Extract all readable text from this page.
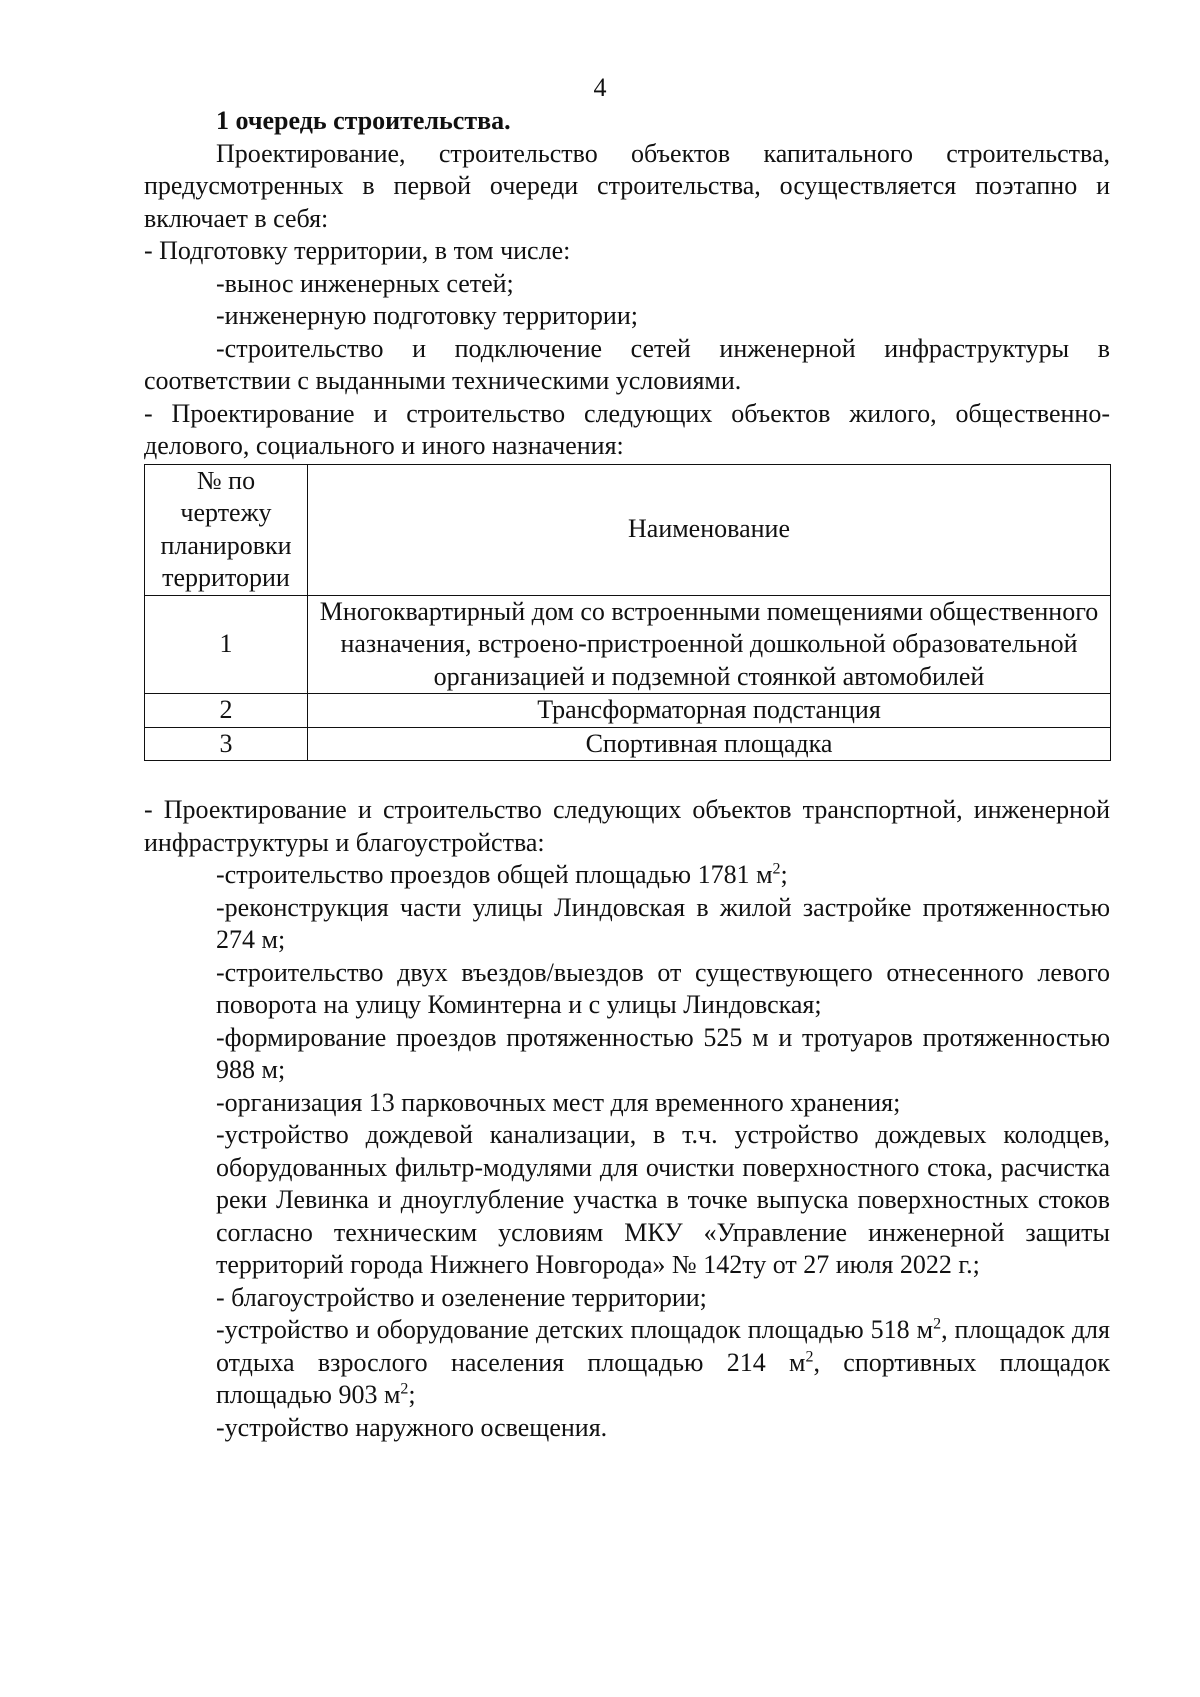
4

1 очередь строительства.

Проектирование, строительство объектов капитального строительства, предусмотренных в первой очереди строительства, осуществляется поэтапно и включает в себя:

- Подготовку территории, в том числе:

-вынос инженерных сетей;

-инженерную подготовку территории;

-строительство и подключение сетей инженерной инфраструктуры в соответствии с выданными техническими условиями.

- Проектирование и строительство следующих объектов жилого, общественно-делового, социального и иного назначения:

№ по чертежу планировки территории	Наименование
1	Многоквартирный дом со встроенными помещениями общественного назначения, встроено-пристроенной дошкольной образовательной организацией и подземной стоянкой автомобилей
2	Трансформаторная подстанция
3	Спортивная площадка

- Проектирование и строительство следующих объектов транспортной, инженерной инфраструктуры и благоустройства:

-строительство проездов общей площадью 1781 $м^2$;

-реконструкция части улицы Линдовская в жилой застройке протяженностью 274 м;

-строительство двух въездов/выездов от существующего отнесенного левого поворота на улицу Коминтерна и с улицы Линдовская;

-формирование проездов протяженностью 525 м и тротуаров протяженностью 988 м;

-организация 13 парковочных мест для временного хранения;

-устройство дождевой канализации, в т.ч. устройство дождевых колодцев, оборудованных фильтр-модулями для очистки поверхностного стока, расчистка реки Левинка и дноуглубление участка в точке выпуска поверхностных стоков согласно техническим условиям МКУ «Управление инженерной защиты территорий города Нижнего Новгорода» № 142ту от 27 июля 2022 г.;

- благоустройство и озеленение территории;

-устройство и оборудование детских площадок площадью 518 $м^2$, площадок для отдыха взрослого населения площадью 214 $м^2$, спортивных площадок площадью 903 $м^2$;

-устройство наружного освещения.
